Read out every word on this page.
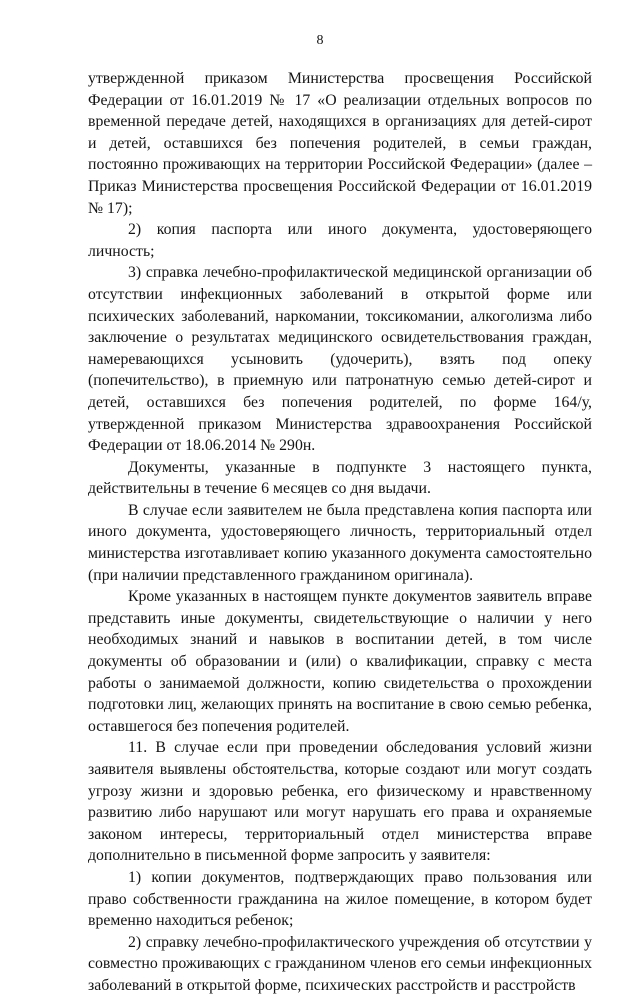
8

утвержденной приказом Министерства просвещения Российской Федерации от 16.01.2019 № 17 «О реализации отдельных вопросов по временной передаче детей, находящихся в организациях для детей-сирот и детей, оставшихся без попечения родителей, в семьи граждан, постоянно проживающих на территории Российской Федерации» (далее – Приказ Министерства просвещения Российской Федерации от 16.01.2019 № 17);

2) копия паспорта или иного документа, удостоверяющего личность;

3) справка лечебно-профилактической медицинской организации об отсутствии инфекционных заболеваний в открытой форме или психических заболеваний, наркомании, токсикомании, алкоголизма либо заключение о результатах медицинского освидетельствования граждан, намеревающихся усыновить (удочерить), взять под опеку (попечительство), в приемную или патронатную семью детей-сирот и детей, оставшихся без попечения родителей, по форме 164/у, утвержденной приказом Министерства здравоохранения Российской Федерации от 18.06.2014 № 290н.

Документы, указанные в подпункте 3 настоящего пункта, действительны в течение 6 месяцев со дня выдачи.

В случае если заявителем не была представлена копия паспорта или иного документа, удостоверяющего личность, территориальный отдел министерства изготавливает копию указанного документа самостоятельно (при наличии представленного гражданином оригинала).

Кроме указанных в настоящем пункте документов заявитель вправе представить иные документы, свидетельствующие о наличии у него необходимых знаний и навыков в воспитании детей, в том числе документы об образовании и (или) о квалификации, справку с места работы о занимаемой должности, копию свидетельства о прохождении подготовки лиц, желающих принять на воспитание в свою семью ребенка, оставшегося без попечения родителей.

11. В случае если при проведении обследования условий жизни заявителя выявлены обстоятельства, которые создают или могут создать угрозу жизни и здоровью ребенка, его физическому и нравственному развитию либо нарушают или могут нарушать его права и охраняемые законом интересы, территориальный отдел министерства вправе дополнительно в письменной форме запросить у заявителя:

1) копии документов, подтверждающих право пользования или право собственности гражданина на жилое помещение, в котором будет временно находиться ребенок;

2) справку лечебно-профилактического учреждения об отсутствии у совместно проживающих с гражданином членов его семьи инфекционных заболеваний в открытой форме, психических расстройств и расстройств
